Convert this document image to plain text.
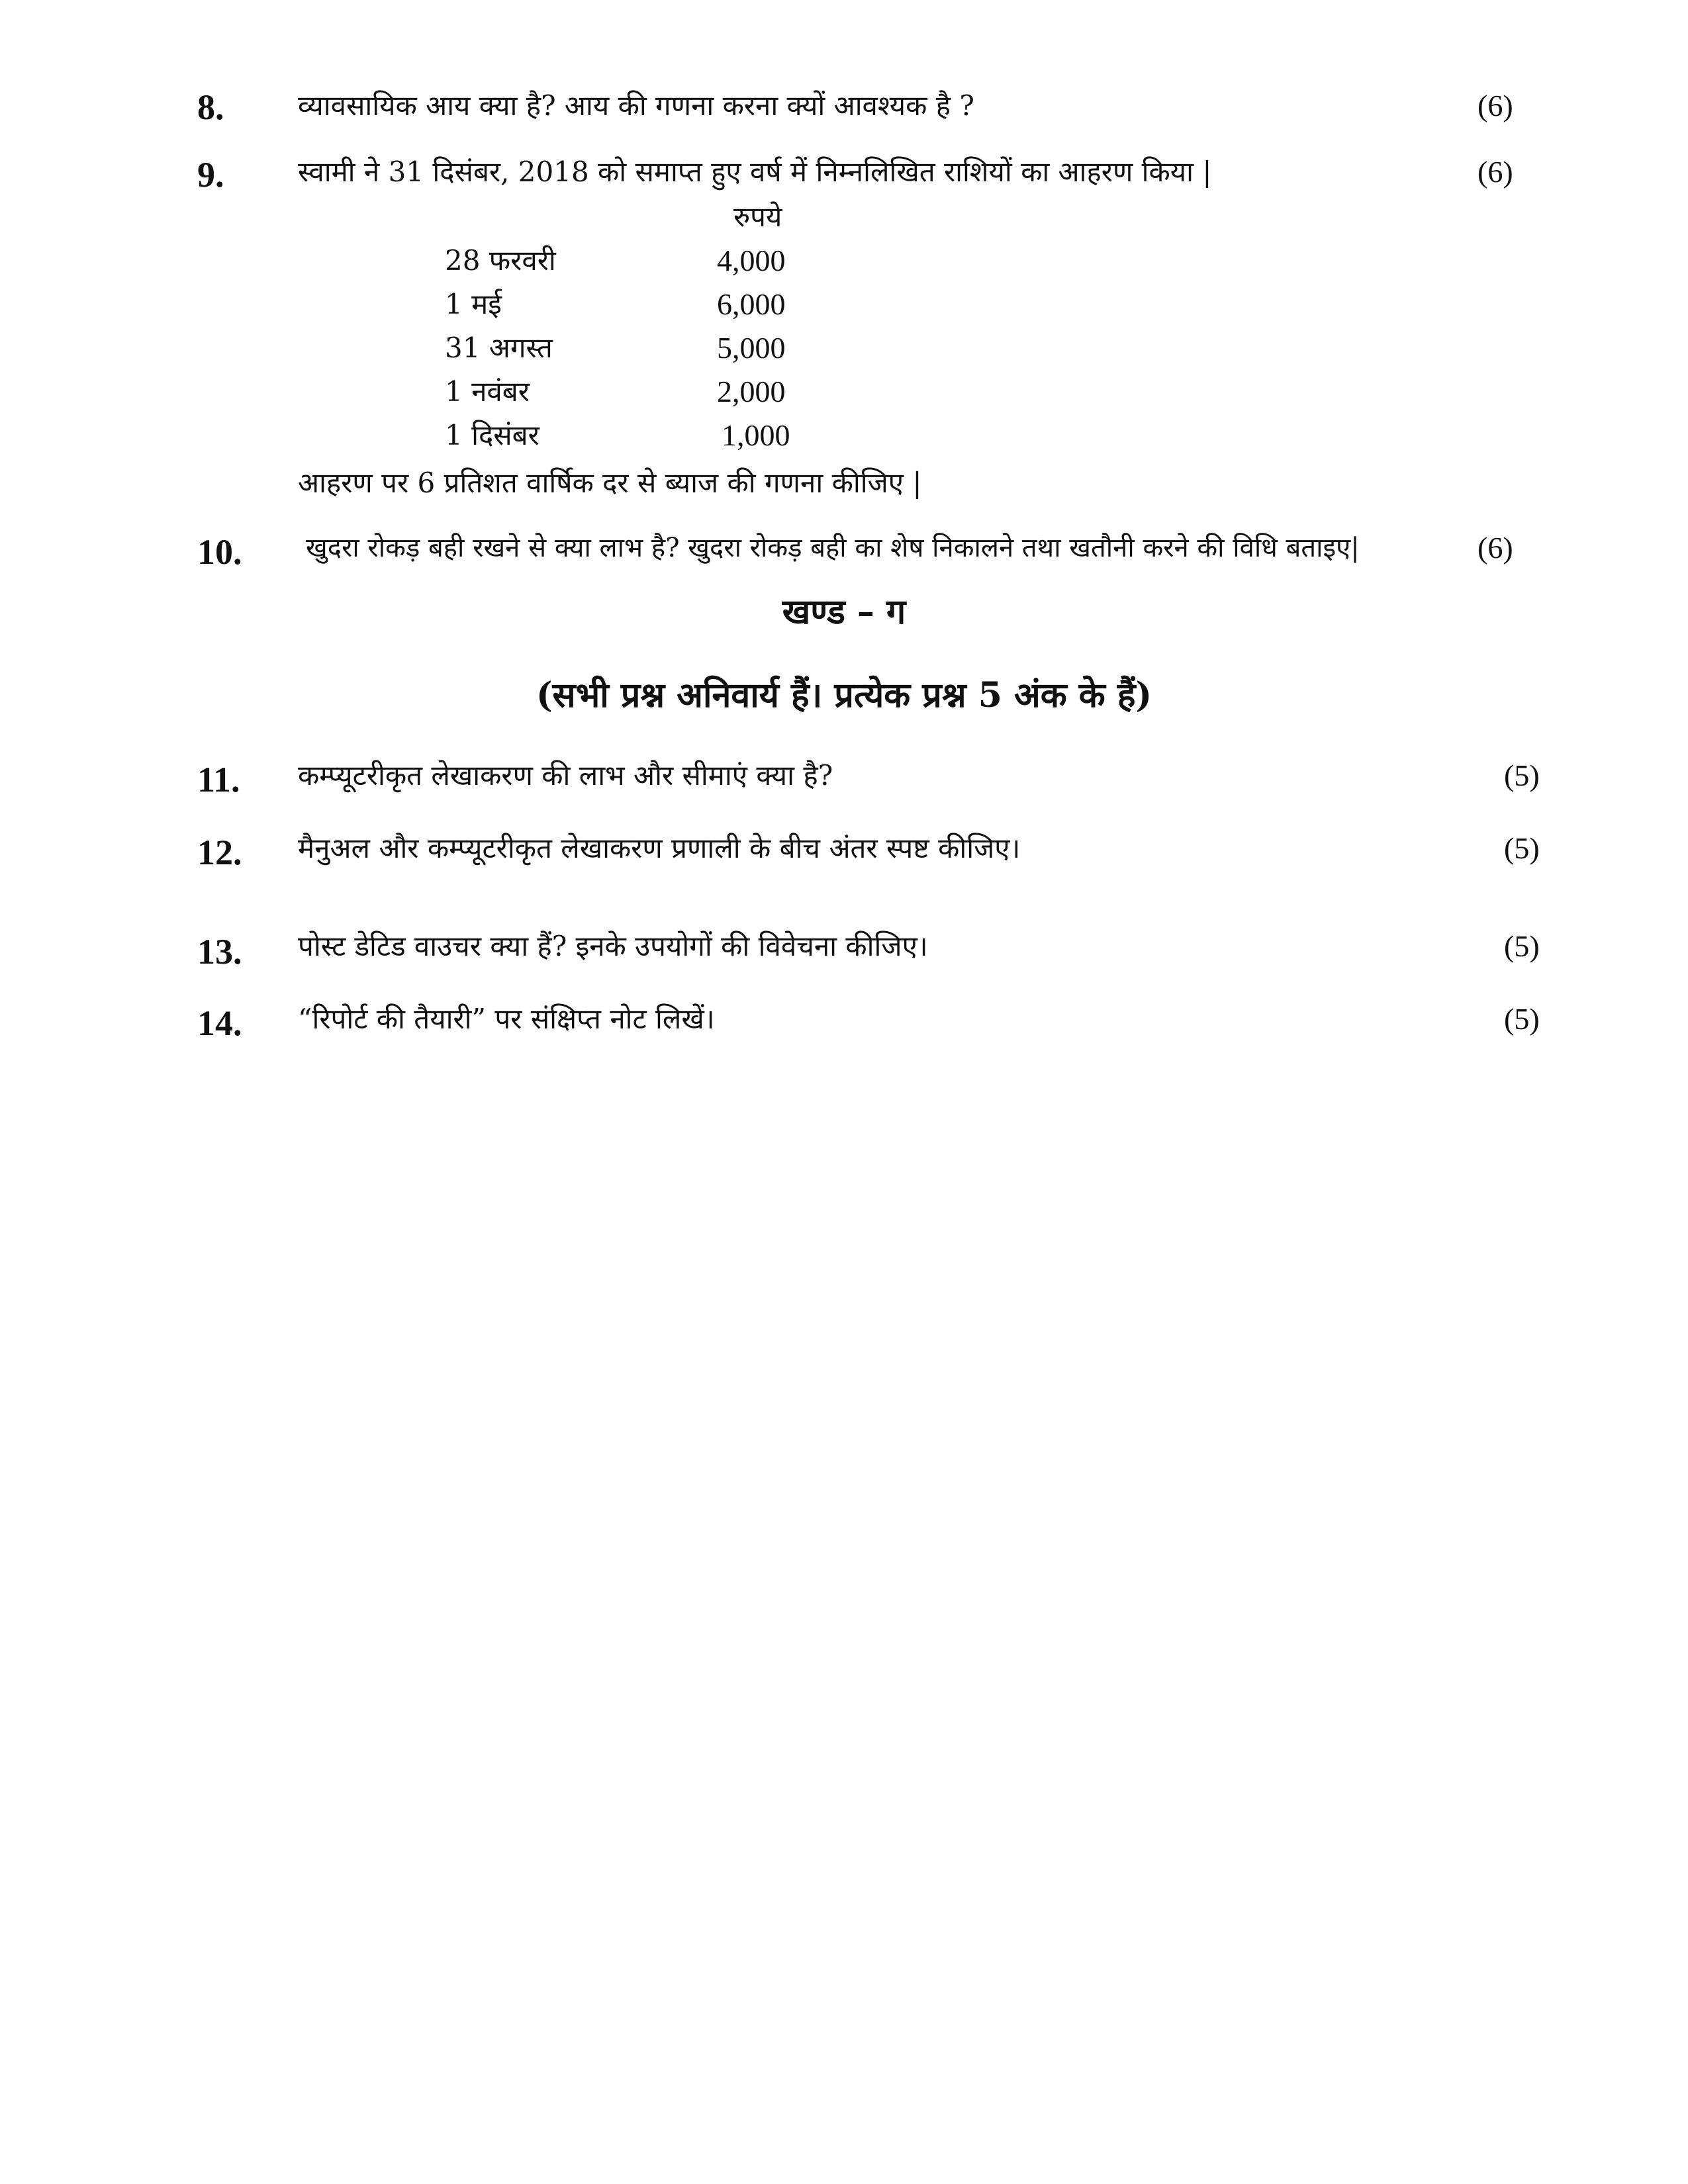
8.	व्यावसायिक आय क्या है? आय की गणना करना क्यों आवश्यक है ?	(6)
9.	स्वामी ने 31 दिसंबर, 2018 को समाप्त हुए वर्ष में निम्नलिखित राशियों का आहरण किया |	(6)
रुपये
28 फरवरी	4,000
1 मई	6,000
31 अगस्त	5,000
1 नवंबर	2,000
1 दिसंबर	1,000
आहरण पर 6 प्रतिशत वार्षिक दर से ब्याज की गणना कीजिए |
10. खुदरा रोकड़ बही रखने से क्या लाभ है? खुदरा रोकड़ बही का शेष निकालने तथा खतौनी करने की विधि बताइए|	(6)
खण्ड – ग
(सभी प्रश्न अनिवार्य हैं। प्रत्येक प्रश्न 5 अंक के हैं)
11. कम्प्यूटरीकृत लेखाकरण की लाभ और सीमाएं क्या है?	(5)
12. मैनुअल और कम्प्यूटरीकृत लेखाकरण प्रणाली के बीच अंतर स्पष्ट कीजिए।	(5)
13. पोस्ट डेटिड वाउचर क्या हैं? इनके उपयोगों की विवेचना कीजिए।	(5)
14. “रिपोर्ट की तैयारी” पर संक्षिप्त नोट लिखें।	(5)
